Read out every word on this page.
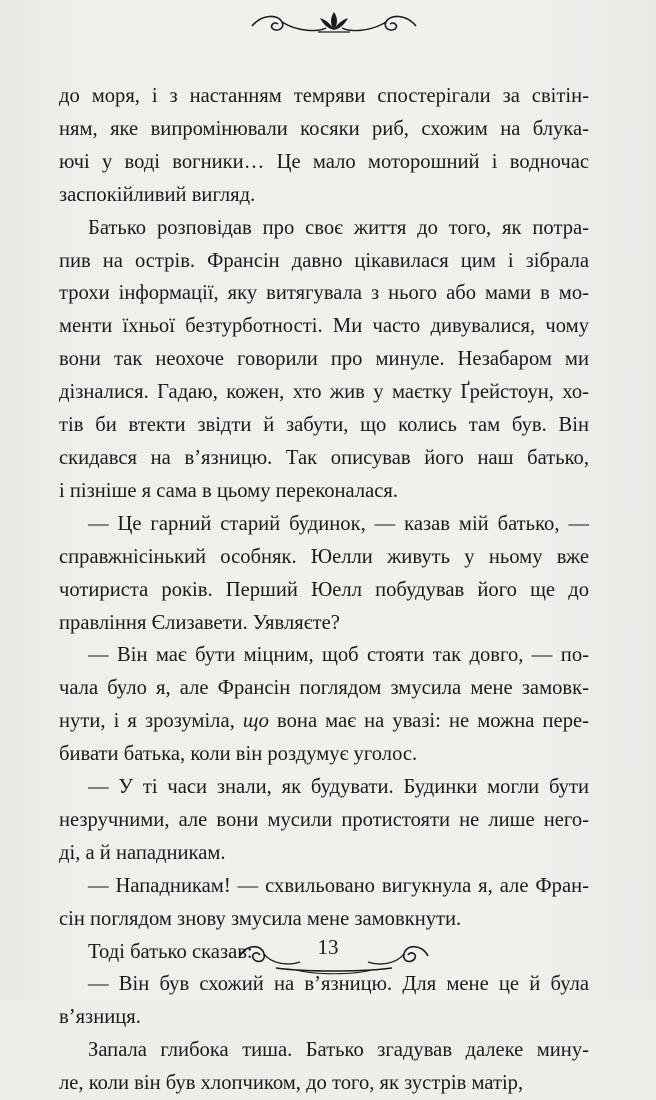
до моря, і з настанням темряви спостерігали за світін-
ням, яке випромінювали косяки риб, схожим на блука-
ючі у воді вогники… Це мало моторошний і водночас
заспокійливий вигляд.
Батько розповідав про своє життя до того, як потра-
пив на острів. Франсін давно цікавилася цим і зібрала
трохи інформації, яку витягувала з нього або мами в мо-
менти їхньої безтурботності. Ми часто дивувалися, чому
вони так неохоче говорили про минуле. Незабаром ми
дізналися. Гадаю, кожен, хто жив у маєтку Ґрейстоун, хо-
тів би втекти звідти й забути, що колись там був. Він
скидався на в’язницю. Так описував його наш батько,
і пізніше я сама в цьому переконалася.
— Це гарний старий будинок, — казав мій батько, —
справжнісінький особняк. Юелли живуть у ньому вже
чотириста років. Перший Юелл побудував його ще до
правління Єлизавети. Уявляєте?
— Він має бути міцним, щоб стояти так довго, — по-
чала було я, але Франсін поглядом змусила мене замовк-
нути, і я зрозуміла, що вона має на увазі: не можна пере-
бивати батька, коли він роздумує уголос.
— У ті часи знали, як будувати. Будинки могли бути
незручними, але вони мусили протистояти не лише него-
ді, а й нападникам.
— Нападникам! — схвильовано вигукнула я, але Фран-
сін поглядом знову змусила мене замовкнути.
Тоді батько сказав:
— Він був схожий на в’язницю. Для мене це й була
в’язниця.
Запала глибока тиша. Батько згадував далеке мину-
ле, коли він був хлопчиком, до того, як зустрів матір,
13
